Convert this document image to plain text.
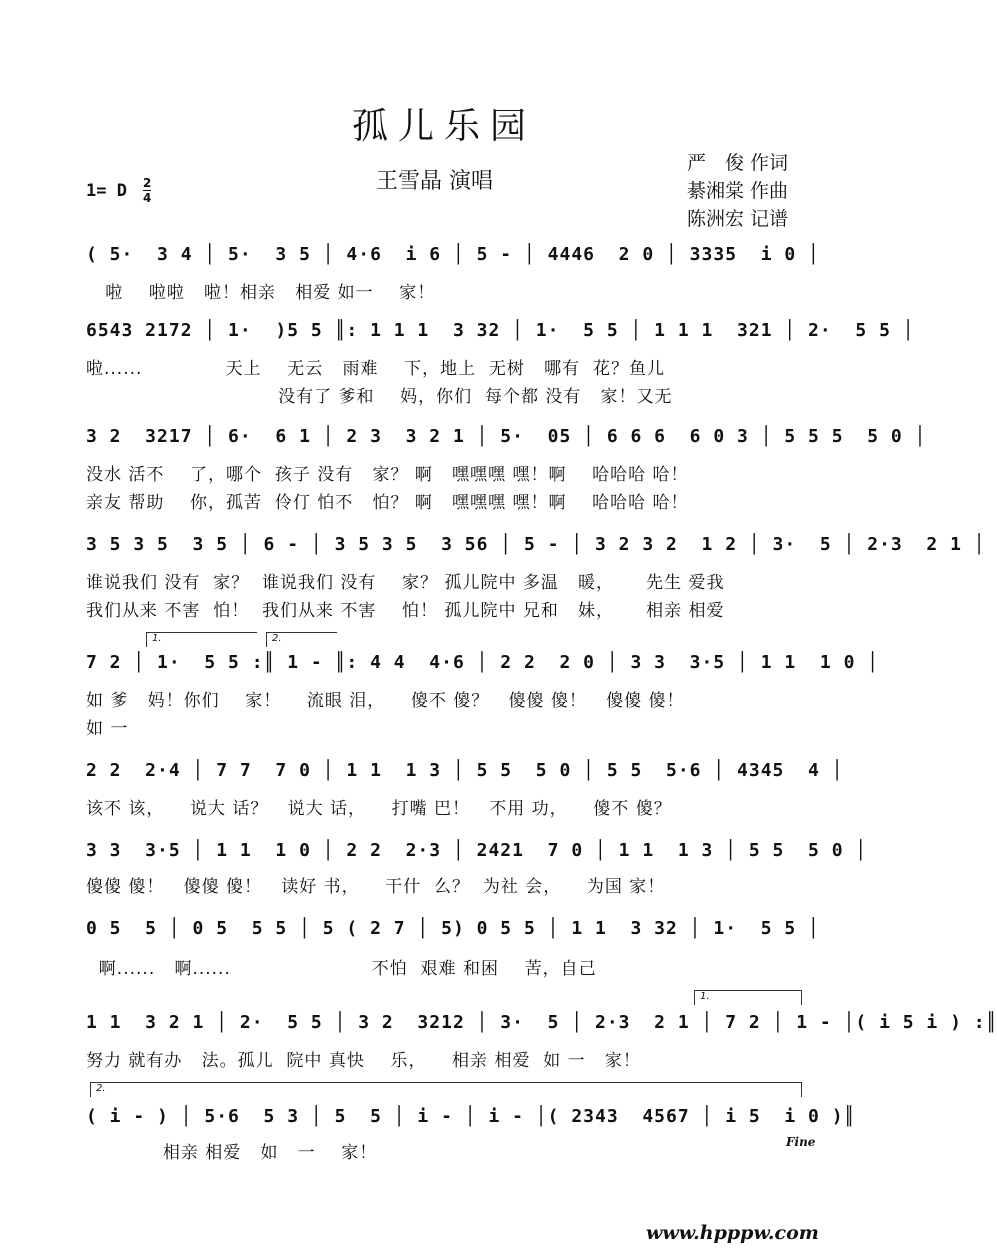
孤儿乐园
王雪晶 演唱
严　俊 作词
綦湘棠 作曲
陈洲宏 记谱
1= D $\frac{2}{4}$
( 5·  3 4 │ 5·  3 5 │ 4·6  i 6 │ 5 - │ 4446  2 0 │ 3335  i 0 │
啦    啦啦   啦！相亲   相爱 如一    家！
6543 2172 │ 1·  )5 5 ║: 1 1 1  3 32 │ 1·  5 5 │ 1 1 1  321 │ 2·  5 5 │
啦......             天上    无云   雨难    下，地上  无树   哪有  花？鱼儿
没有了 爹和    妈，你们  每个都 没有   家！又无
3 2  3217 │ 6·  6 1 │ 2 3  3 2 1 │ 5·  05 │ 6 6 6  6 0 3 │ 5 5 5  5 0 │
没水 活不    了，哪个  孩子 没有   家？ 啊   嘿嘿嘿 嘿！啊    哈哈哈 哈！
亲友 帮助    你，孤苦  伶仃 怕不   怕？ 啊   嘿嘿嘿 嘿！啊    哈哈哈 哈！
3 5 3 5  3 5 │ 6 - │ 3 5 3 5  3 56 │ 5 - │ 3 2 3 2  1 2 │ 3·  5 │ 2·3  2 1 │
谁说我们 没有  家？  谁说我们 没有    家？ 孤儿院中 多温   暖，     先生 爱我
我们从来 不害  怕！  我们从来 不害    怕！ 孤儿院中 兄和   妹，     相亲 相爱
1.	2.
7 2 │ 1·  5 5 :║ 1 - ║: 4 4  4·6 │ 2 2  2 0 │ 3 3  3·5 │ 1 1  1 0 │
如 爹   妈！你们    家！    流眼 泪，    傻不 傻？   傻傻 傻！   傻傻 傻！
如 一
2 2  2·4 │ 7 7  7 0 │ 1 1  1 3 │ 5 5  5 0 │ 5 5  5·6 │ 4345  4 │
该不 该，    说大 话？   说大 话，    打嘴 巴！   不用 功，    傻不 傻？
3 3  3·5 │ 1 1  1 0 │ 2 2  2·3 │ 2421  7 0 │ 1 1  1 3 │ 5 5  5 0 │
傻傻 傻！   傻傻 傻！   读好 书，    干什  么？  为社 会，    为国 家！
0 5  5 │ 0 5  5 5 │ 5 ( 2 7 │ 5) 0 5 5 │ 1 1  3 32 │ 1·  5 5 │
啊......   啊......                      不怕  艰难 和困    苦，自己
1.
1 1  3 2 1 │ 2·  5 5 │ 3 2  3212 │ 3·  5 │ 2·3  2 1 │ 7 2 │ 1 - │( i 5 i ) :║
努力 就有办   法。孤儿  院中 真快    乐，    相亲 相爱  如 一   家！
2.
( i - ) │ 5·6  5 3 │ 5  5 │ i - │ i - │( 2343  4567 │ i 5  i 0 )║
相亲 相爱   如   一    家！
Fine
www.hpppw.com
